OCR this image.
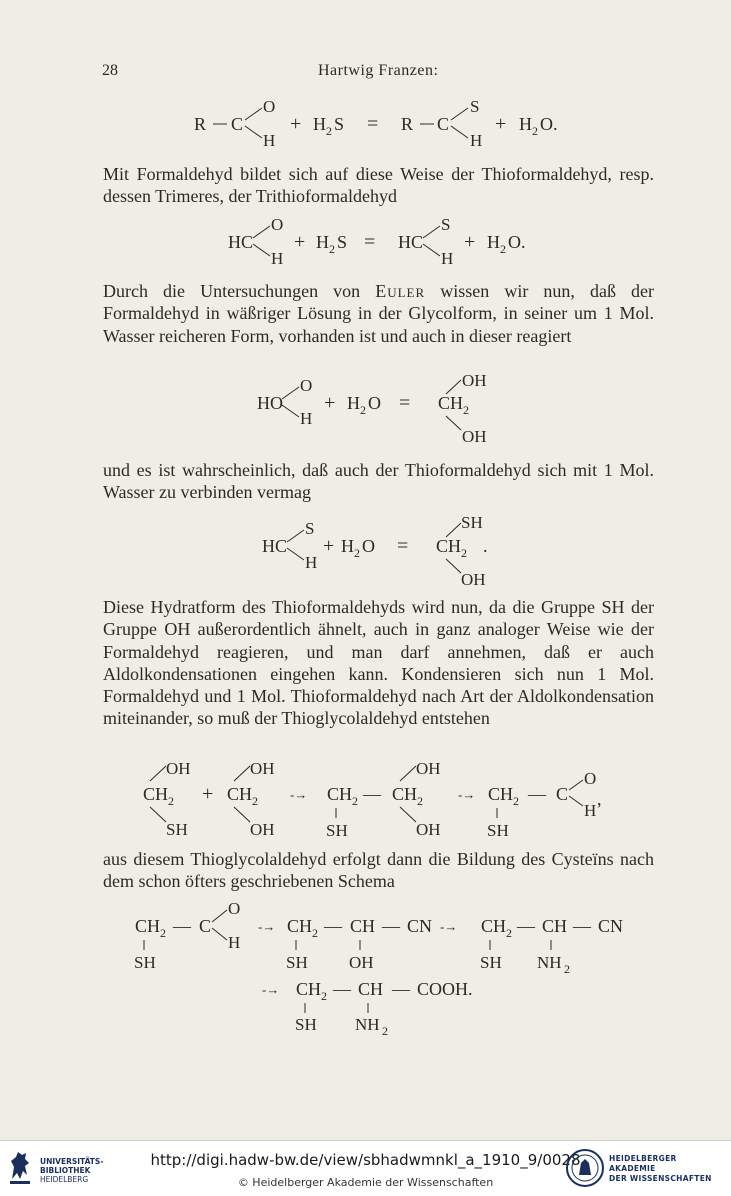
28	Hartwig Franzen:
R C
O
H
+ H 2 S = R C
S
H
+ H 2 O.

Mit Formaldehyd bildet sich auf diese Weise der Thioformaldehyd, resp. dessen Trimeres, der Trithioformaldehyd

HC
O
H
+ H 2 S = HC
S
H
+ H 2 O.

Durch die Untersuchungen von Euler wissen wir nun, daß der Formaldehyd in wäßriger Lösung in der Glycolform, in seiner um 1 Mol. Wasser reicheren Form, vorhanden ist und auch in dieser reagiert

HO
O
H
+ H 2 O =
OH
CH 2
OH

und es ist wahrscheinlich, daß auch der Thioformaldehyd sich mit 1 Mol. Wasser zu verbinden vermag

HC
S
H
+ H 2 O =
SH
CH 2 .
OH

Diese Hydratform des Thioformaldehyds wird nun, da die Gruppe SH der Gruppe OH außerordentlich ähnelt, auch in ganz analoger Weise wie der Formaldehyd reagieren, und man darf annehmen, daß er auch Aldolkondensationen eingehen kann. Kondensieren sich nun 1 Mol. Formaldehyd und 1 Mol. Thioformaldehyd nach Art der Aldolkondensation miteinander, so muß der Thioglycolaldehyd entstehen

OH
CH 2
SH
+
OH
CH 2
OH
-→ CH 2
SH
—
OH
CH 2
OH
-→ CH 2
SH
— C
O
H
,

aus diesem Thioglycolaldehyd erfolgt dann die Bildung des Cysteïns nach dem schon öfters geschriebenen Schema

CH 2 — C
O
H
SH
-→ CH 2
SH
— CH
OH
— CN -→ CH 2
SH
— CH
NH 2
— CN
-→ CH 2
SH
— CH
NH 2
— COOH.
UNIVERSITÄTS-
BIBLIOTHEK
HEIDELBERG
http://digi.hadw-bw.de/view/sbhadwmnkl_a_1910_9/0028
© Heidelberger Akademie der Wissenschaften
HEIDELBERGER AKADEMIE
DER WISSENSCHAFTEN
